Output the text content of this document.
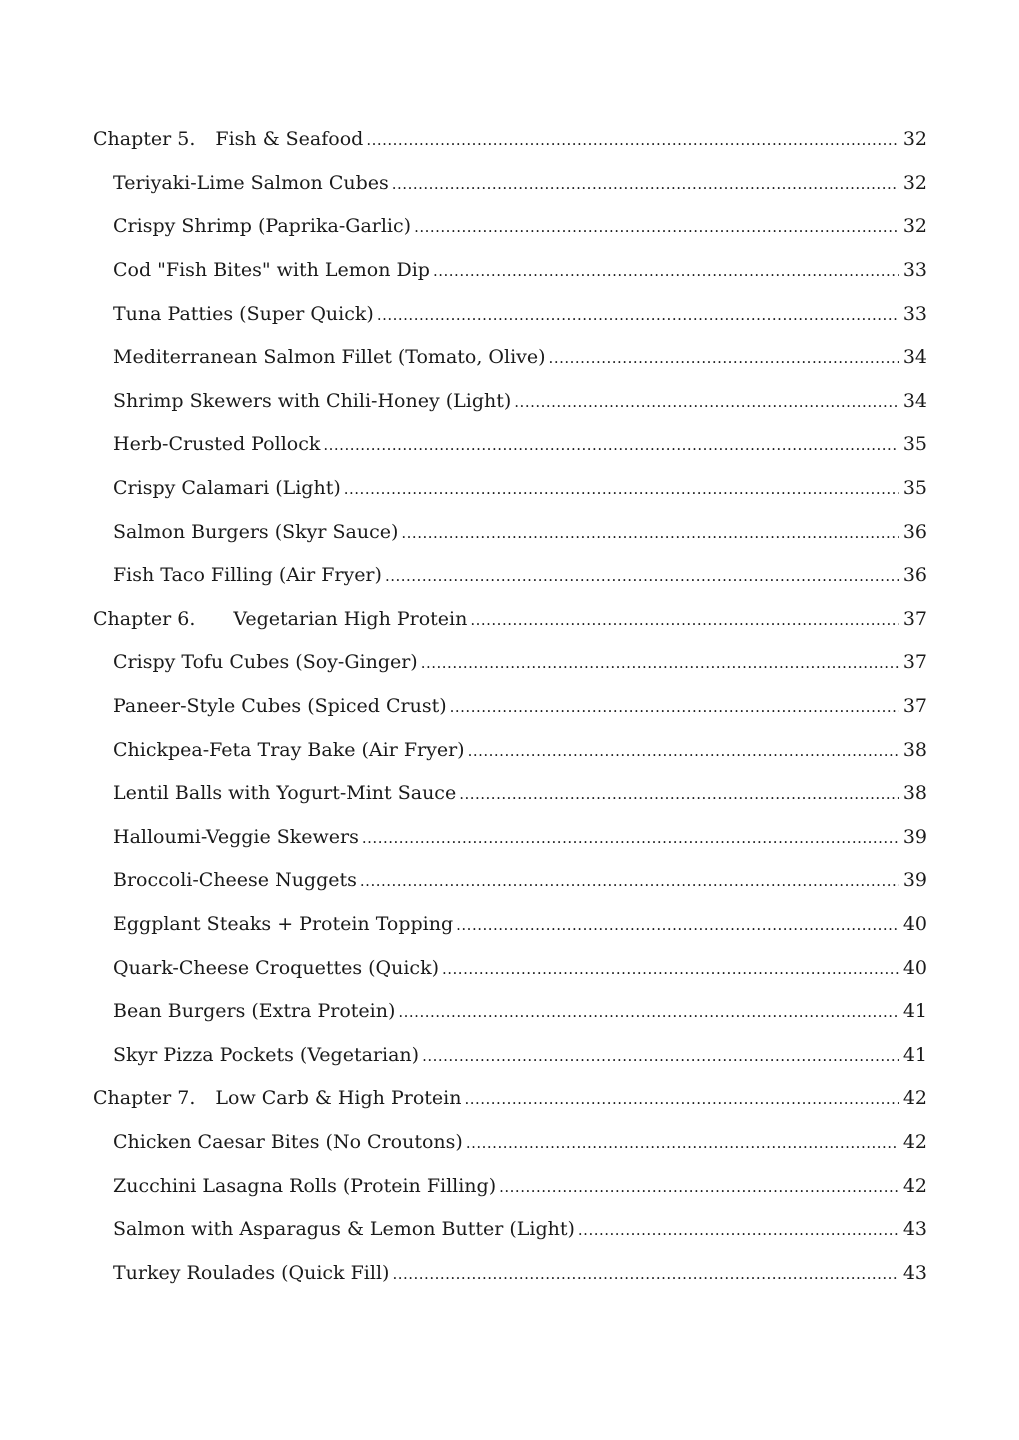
Chapter 5. Fish & Seafood .....	32
Teriyaki-Lime Salmon Cubes .....	32
Crispy Shrimp (Paprika-Garlic) .....	32
Cod "Fish Bites" with Lemon Dip .....	33
Tuna Patties (Super Quick) .....	33
Mediterranean Salmon Fillet (Tomato, Olive) .....	34
Shrimp Skewers with Chili-Honey (Light) .....	34
Herb-Crusted Pollock .....	35
Crispy Calamari (Light) .....	35
Salmon Burgers (Skyr Sauce) .....	36
Fish Taco Filling (Air Fryer) .....	36
Chapter 6. Vegetarian High Protein .....	37
Crispy Tofu Cubes (Soy-Ginger) .....	37
Paneer-Style Cubes (Spiced Crust) .....	37
Chickpea-Feta Tray Bake (Air Fryer) .....	38
Lentil Balls with Yogurt-Mint Sauce .....	38
Halloumi-Veggie Skewers .....	39
Broccoli-Cheese Nuggets .....	39
Eggplant Steaks + Protein Topping .....	40
Quark-Cheese Croquettes (Quick) .....	40
Bean Burgers (Extra Protein) .....	41
Skyr Pizza Pockets (Vegetarian) .....	41
Chapter 7. Low Carb & High Protein .....	42
Chicken Caesar Bites (No Croutons) .....	42
Zucchini Lasagna Rolls (Protein Filling) .....	42
Salmon with Asparagus & Lemon Butter (Light) .....	43
Turkey Roulades (Quick Fill) .....	43
